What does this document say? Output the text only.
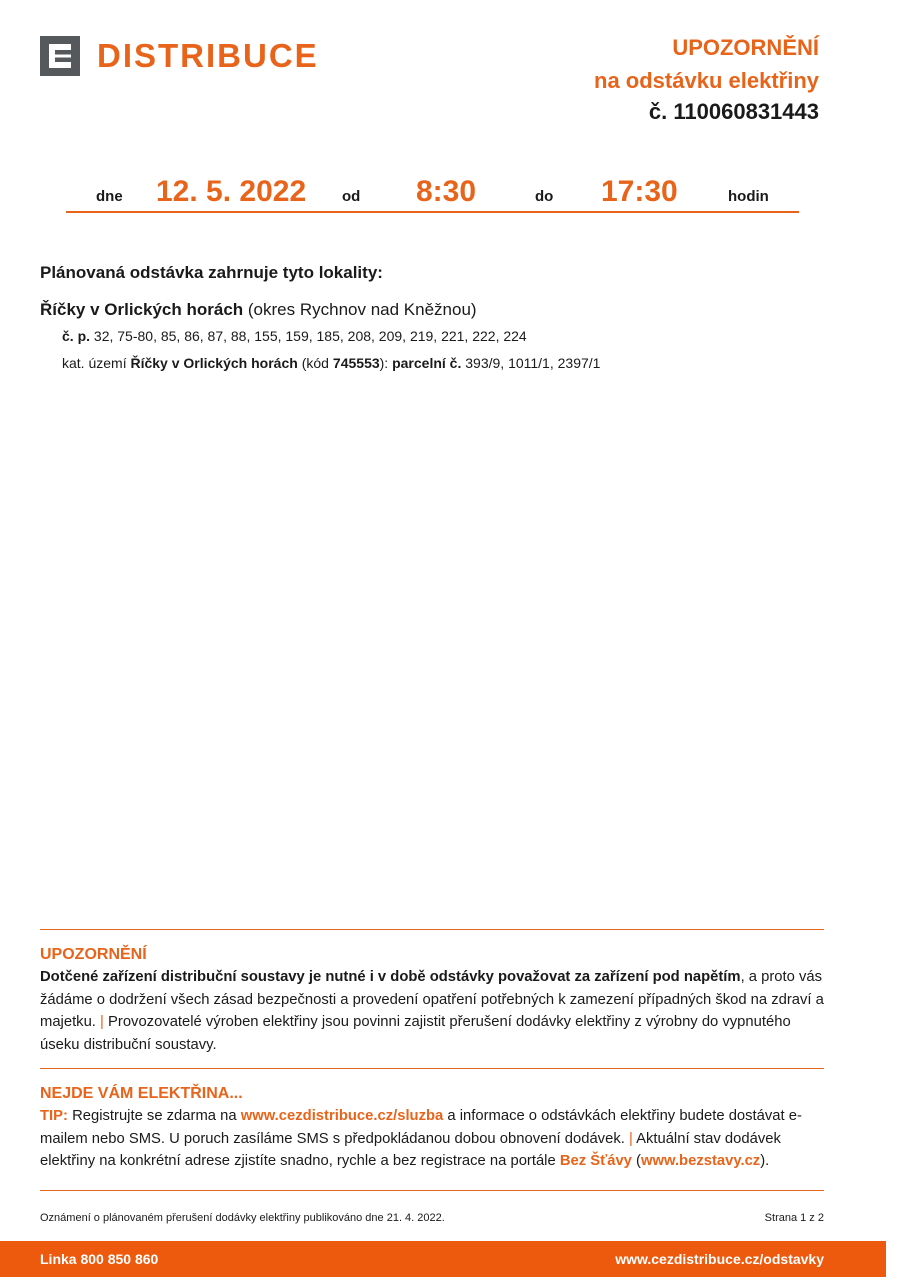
DISTRIBUCE	UPOZORNĚNÍ
na odstávku elektřiny
č. 110060831443
dne 12. 5. 2022 od 8:30	do 17:30	hodin
Plánovaná odstávka zahrnuje tyto lokality:
Říčky v Orlických horách (okres Rychnov nad Kněžnou)
č. p. 32, 75-80, 85, 86, 87, 88, 155, 159, 185, 208, 209, 219, 221, 222, 224
kat. území Říčky v Orlických horách (kód 745553): parcelní č. 393/9, 1011/1, 2397/1
UPOZORNĚNÍ
Dotčené zařízení distribuční soustavy je nutné i v době odstávky považovat za zařízení pod napětím, a proto vás žádáme o dodržení všech zásad bezpečnosti a provedení opatření potřebných k zamezení případných škod na zdraví a majetku. | Provozovatelé výroben elektřiny jsou povinni zajistit přerušení dodávky elektřiny z výrobny do vypnutého úseku distribuční soustavy.
NEJDE VÁM ELEKTŘINA...
TIP: Registrujte se zdarma na www.cezdistribuce.cz/sluzba a informace o odstávkách elektřiny budete dostávat e-mailem nebo SMS. U poruch zasíláme SMS s předpokládanou dobou obnovení dodávek. | Aktuální stav dodávek elektřiny na konkrétní adrese zjistíte snadno, rychle a bez registrace na portále Bez Šťávy (www.bezstavy.cz).
Oznámení o plánovaném přerušení dodávky elektřiny publikováno dne 21. 4. 2022.	Strana 1 z 2
Linka 800 850 860	www.cezdistribuce.cz/odstavky
